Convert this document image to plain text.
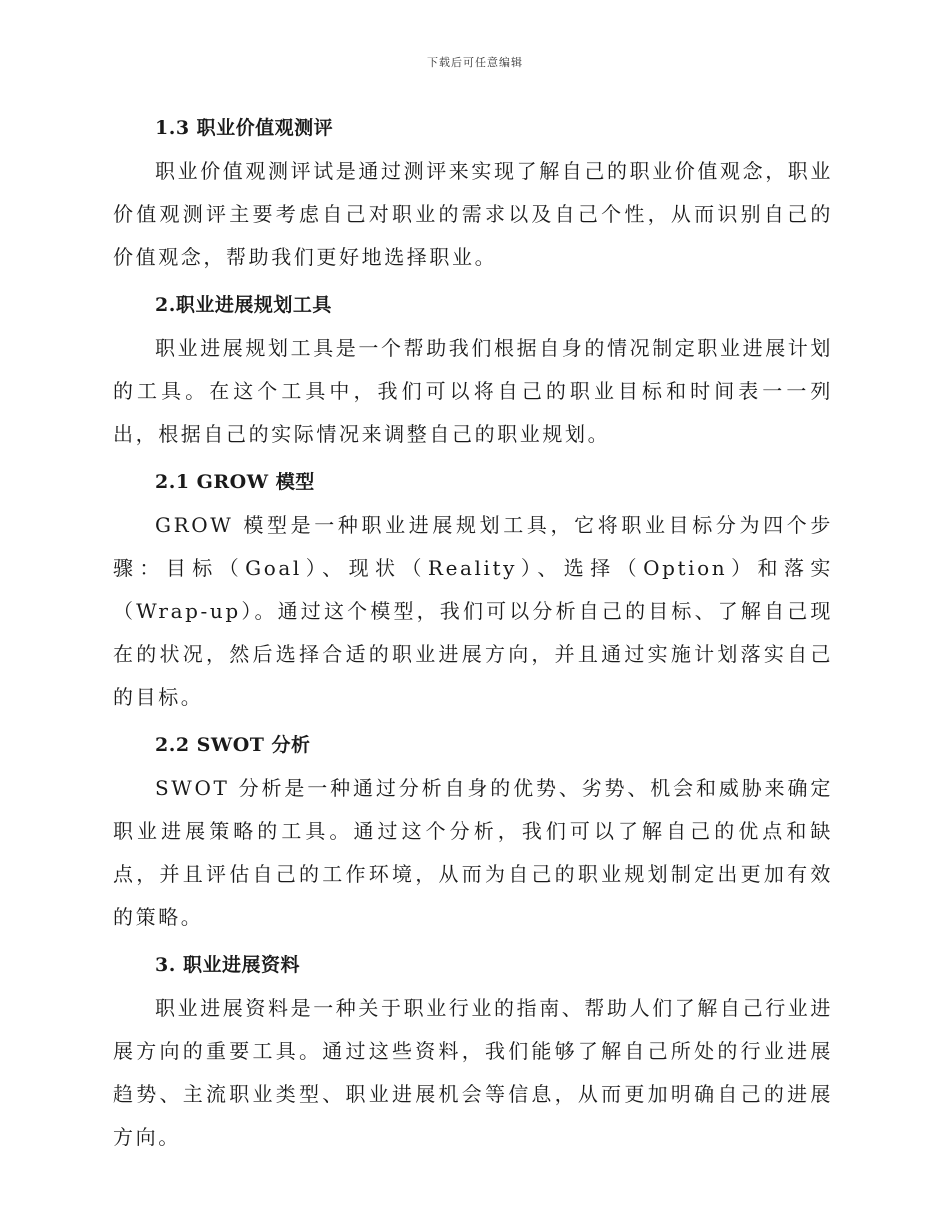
下载后可任意编辑
1.3 职业价值观测评

职业价值观测评试是通过测评来实现了解自己的职业价值观念，职业价值观测评主要考虑自己对职业的需求以及自己个性，从而识别自己的价值观念，帮助我们更好地选择职业。

2.职业进展规划工具

职业进展规划工具是一个帮助我们根据自身的情况制定职业进展计划的工具。在这个工具中，我们可以将自己的职业目标和时间表一一列出，根据自己的实际情况来调整自己的职业规划。

2.1 GROW 模型

GROW 模型是一种职业进展规划工具，它将职业目标分为四个步骤：目标（Goal）、现状（Reality）、选择（Option）和落实（Wrap-up）。通过这个模型，我们可以分析自己的目标、了解自己现在的状况，然后选择合适的职业进展方向，并且通过实施计划落实自己的目标。

2.2 SWOT 分析

SWOT 分析是一种通过分析自身的优势、劣势、机会和威胁来确定职业进展策略的工具。通过这个分析，我们可以了解自己的优点和缺点，并且评估自己的工作环境，从而为自己的职业规划制定出更加有效的策略。

3. 职业进展资料

职业进展资料是一种关于职业行业的指南、帮助人们了解自己行业进展方向的重要工具。通过这些资料，我们能够了解自己所处的行业进展趋势、主流职业类型、职业进展机会等信息，从而更加明确自己的进展方向。
